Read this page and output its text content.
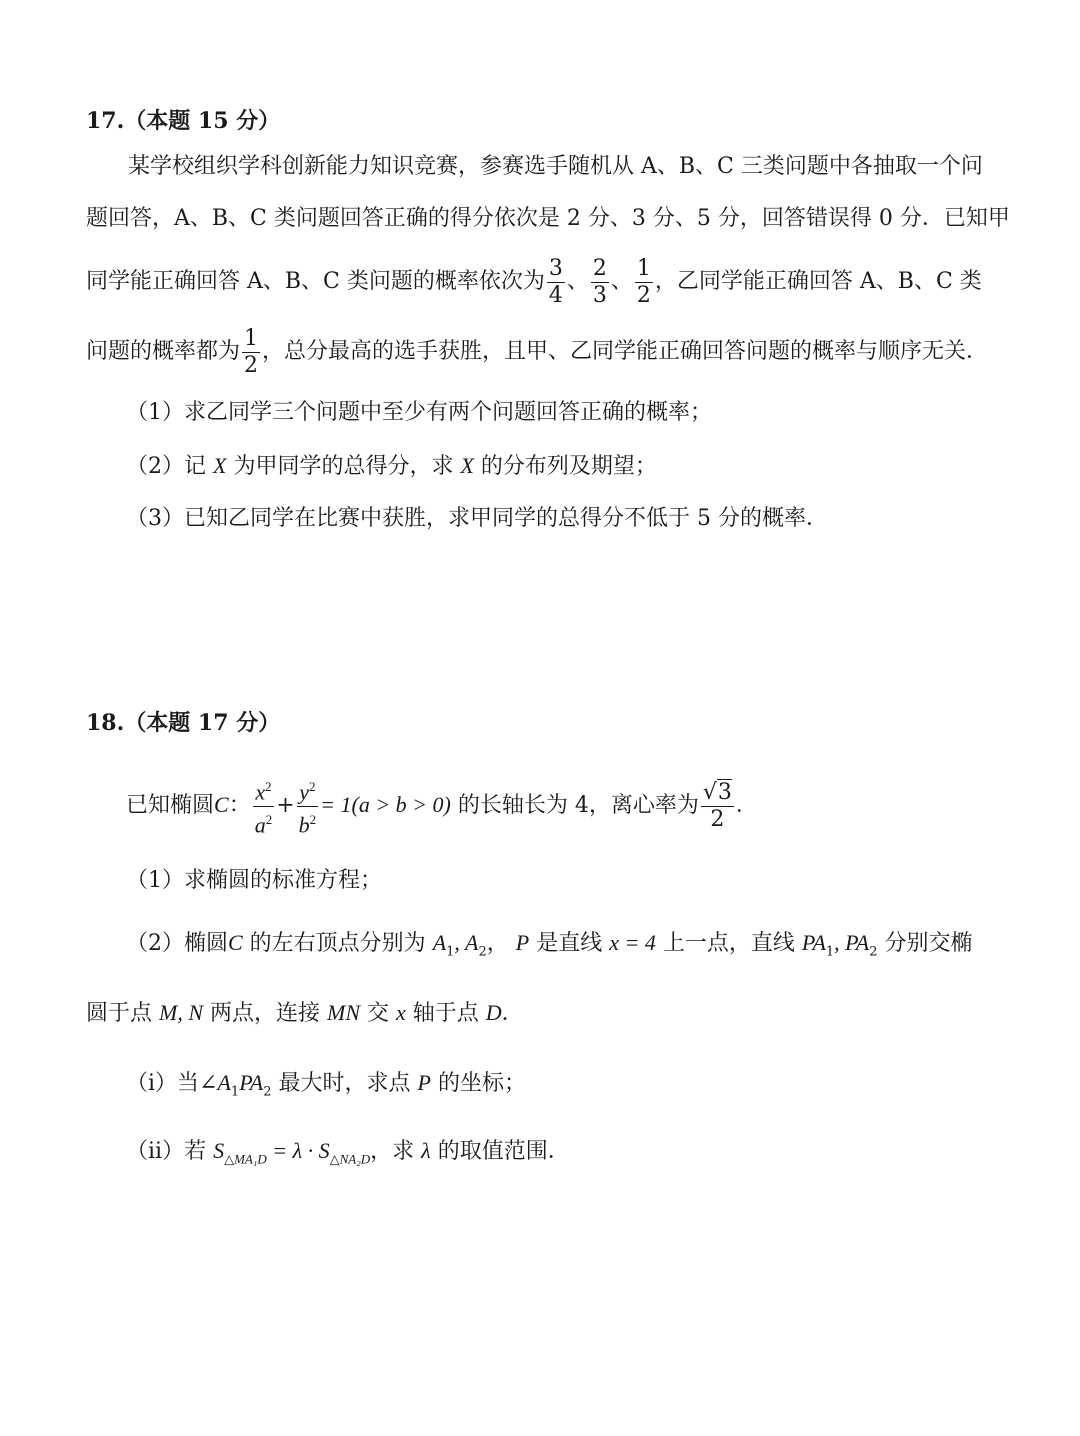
17.（本题 15 分）
某学校组织学科创新能力知识竞赛，参赛选手随机从 A、B、C 三类问题中各抽取一个问
题回答，A、B、C 类问题回答正确的得分依次是 2 分、3 分、5 分，回答错误得 0 分．已知甲
同学能正确回答 A、B、C 类问题的概率依次为 $\frac{3}{4}$ 、 $\frac{2}{3}$ 、 $\frac{1}{2}$ ，乙同学能正确回答 A、B、C 类
问题的概率都为 $\frac{1}{2}$ ，总分最高的选手获胜，且甲、乙同学能正确回答问题的概率与顺序无关．
（1）求乙同学三个问题中至少有两个问题回答正确的概率；
（2）记 X 为甲同学的总得分，求 X 的分布列及期望；
（3）已知乙同学在比赛中获胜，求甲同学的总得分不低于 5 分的概率．
18.（本题 17 分）
已知椭圆C： $\frac{x^2}{a^2} + \frac{y^2}{b^2} = 1(a > b > 0)$ 的长轴长为 4，离心率为 $\frac{√3}{2}$ ．
（1）求椭圆的标准方程；
（2）椭圆C 的左右顶点分别为 $A_1$, $A_2$， P 是直线 x = 4 上一点，直线 $PA_1$, $PA_2$ 分别交椭
圆于点 M, N 两点，连接 MN 交 x 轴于点 D．
（ⅰ）当$\angle A_1PA_2$ 最大时，求点 P 的坐标；
（ⅱ）若 $S_{\triangle MA_1D} = \lambda \cdot S_{\triangle NA_2D}$，求 λ 的取值范围．
